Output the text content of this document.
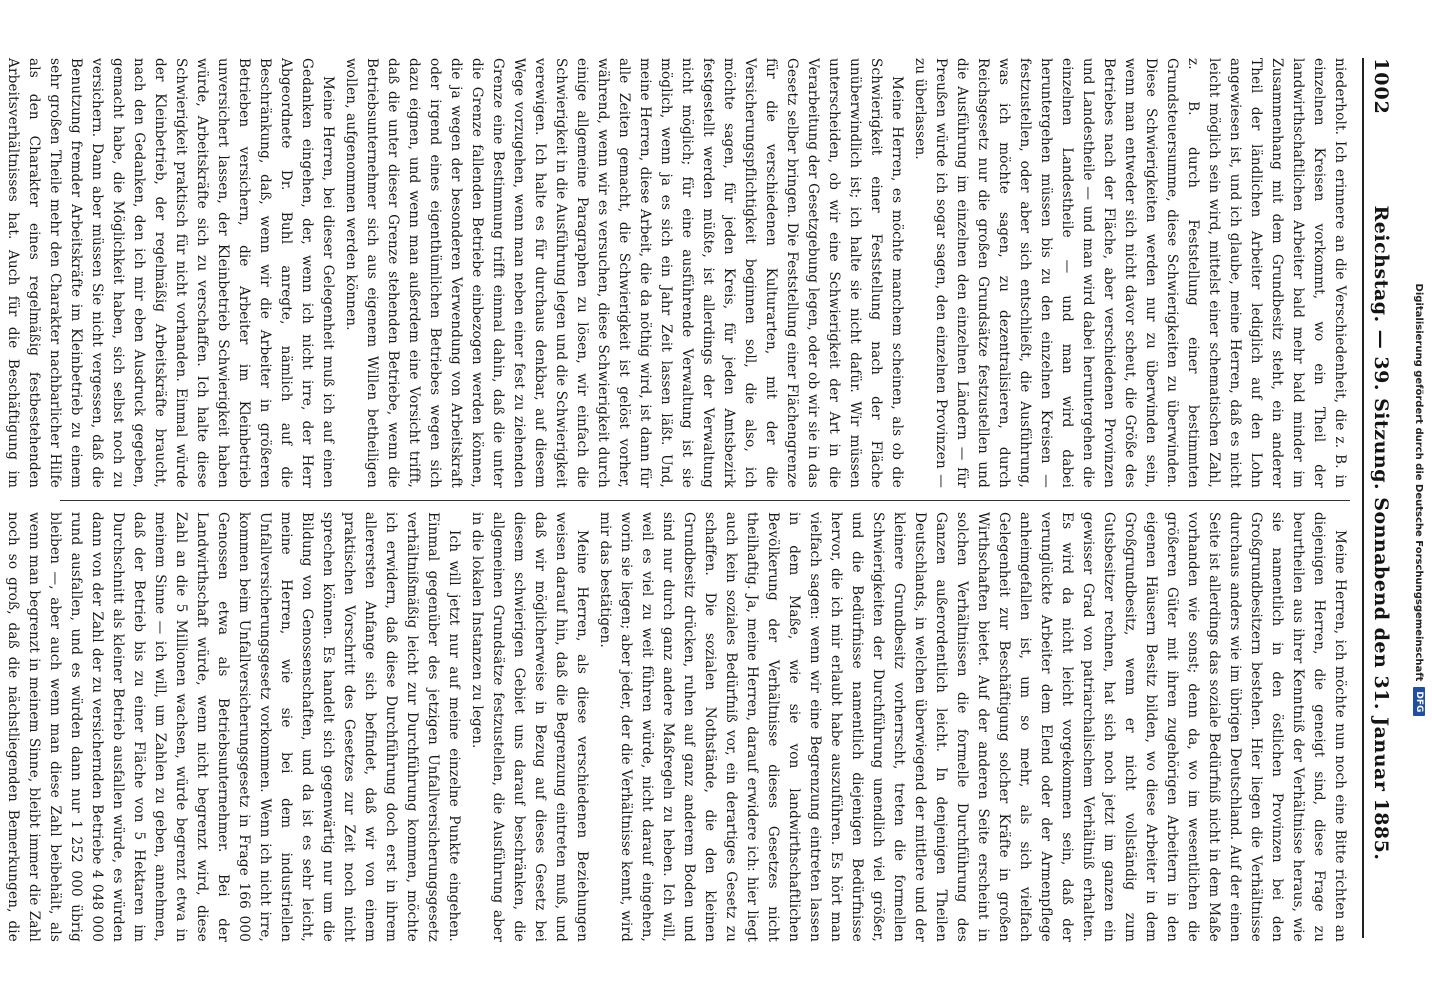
1002
Reichstag. — 39. Sitzung. Sonnabend den 31. Januar 1885.

niederholt. Ich erinnere an die Verschiedenheit, die z. B. in einzelnen Kreisen vorkommt, wo ein Theil der landwirthschaftlichen Arbeiter bald mehr bald minder im Zusammenhang mit dem Grundbesitz steht, ein anderer Theil der ländlichen Arbeiter lediglich auf den Lohn angewiesen ist, und ich glaube, meine Herren, daß es nicht leicht möglich sein wird, mittelst einer schematischen Zahl, z. B. durch Feststellung einer bestimmten Grundsteuersumme, diese Schwierigkeiten zu überwinden. Diese Schwierigkeiten werden nur zu überwinden sein, wenn man entweder sich nicht davor scheut, die Größe des Betriebes nach der Fläche, aber verschiedenen Provinzen und Landestheile — und man wird dabei heruntergehen die einzelnen Landestheile — und man wird dabei heruntergehen müssen bis zu den einzelnen Kreisen — festzustellen, oder aber sich entschließt, die Ausführung, was ich möchte sagen, zu dezentralisieren, durch Reichsgesetz nur die großen Grundsätze festzustellen und die Ausführung im einzelnen den einzelnen Ländern — für Preußen würde ich sogar sagen, den einzelnen Provinzen — zu überlassen.

Meine Herren, es möchte manchem scheinen, als ob die Schwierigkeit einer Feststellung nach der Fläche unüberwindlich ist; ich halte sie nicht dafür. Wir müssen unterscheiden, ob wir eine Schwierigkeit der Art in die Verarbeitung der Gesetzgebung legen, oder ob wir sie in das Gesetz selber bringen. Die Feststellung einer Flächengrenze für die verschiedenen Kulturarten, mit der die Versicherungspflichtigkeit beginnen soll, die also, ich möchte sagen, für jeden Kreis, für jeden Amtsbezirk festgestellt werden müßte, ist allerdings der Verwaltung nicht möglich; für eine ausführende Verwaltung ist sie möglich, wenn ja es sich ein Jahr Zeit lassen läßt. Und, meine Herren, diese Arbeit, die da nöthig wird, ist dann für alle Zeiten gemacht, die Schwierigkeit ist gelöst vorher, während, wenn wir es versuchen, diese Schwierigkeit durch einige allgemeine Paragraphen zu lösen, wir einfach die Schwierigkeit in die Ausführung legen und die Schwierigkeit verewigen. Ich halte es für durchaus denkbar, auf diesem Wege vorzugehen, wenn man neben einer fest zu ziehenden Grenze eine Bestimmung trifft einmal dahin, daß die unter die Grenze fallenden Betriebe einbezogen werden können, die ja wegen der besonderen Verwendung von Arbeitskraft oder irgend eines eigenthümlichen Betriebes wegen sich dazu eignen, und wenn man außerdem eine Vorsicht trifft, daß die unter dieser Grenze stehenden Betriebe, wenn die Betriebsunternehmer sich aus eigenem Willen betheiligen wollen, aufgenommen werden können.

Meine Herren, bei dieser Gelegenheit muß ich auf einen Gedanken eingehen, der, wenn ich nicht irre, der Herr Abgeordnete Dr. Buhl anregte, nämlich auf die Beschränkung, daß, wenn wir die Arbeiter in größeren Betrieben versichern, die Arbeiter im Kleinbetrieb unversichert lassen, der Kleinbetrieb Schwierigkeit haben würde, Arbeitskräfte sich zu verschaffen. Ich halte diese Schwierigkeit praktisch für nicht vorhanden. Einmal würde der Kleinbetrieb, der regelmäßig Arbeitskräfte braucht, nach den Gedanken, den ich mir eben Ausdruck gegeben, gemacht habe, die Möglichkeit haben, sich selbst noch zu versichern. Dann aber müssen Sie nicht vergessen, daß die Benutzung fremder Arbeitskräfte im Kleinbetrieb zu einem sehr großen Theile mehr den Charakter nachbarlicher Hilfe als den Charakter eines regelmäßig festbestehenden Arbeitsverhältnisses hat. Auch für die Beschäftigung im

Meine Herren, ich möchte nun noch eine Bitte richten an diejenigen Herren, die geneigt sind, diese Frage zu beurtheilen aus ihrer Kenntniß der Verhältnisse heraus, wie sie namentlich in den östlichen Provinzen bei den Großgrundbesitzern bestehen. Hier liegen die Verhältnisse durchaus anders wie im übrigen Deutschland. Auf der einen Seite ist allerdings das soziale Bedürfniß nicht in dem Maße vorhanden wie sonst; denn da, wo im wesentlichen die größeren Güter mit ihren zugehörigen Arbeitern in den eigenen Häusern Besitz bilden, wo diese Arbeiter in dem Großgrundbesitz, wenn er nicht vollständig zum Gutsbesitzer rechnen, hat sich noch jetzt im ganzen ein gewisser Grad von patriarchalischem Verhältniß erhalten. Es wird da nicht leicht vorgekommen sein, daß der verunglückte Arbeiter dem Elend oder der Armenpflege anheimgefallen ist, um so mehr, als sich vielfach Gelegenheit zur Beschäftigung solcher Kräfte in großen Wirthschaften bietet. Auf der anderen Seite erscheint in solchen Verhältnissen die formelle Durchführung des Ganzen außerordentlich leicht. In denjenigen Theilen Deutschlands, in welchen überwiegend der mittlere und der kleinere Grundbesitz vorherrscht, treten die formellen Schwierigkeiten der Durchführung unendlich viel größer, und die Bedürfnisse namentlich diejenigen Bedürfnisse hervor, die ich mir erlaubt habe auszuführen. Es hört man vielfach sagen: wenn wir eine Begrenzung eintreten lassen in dem Maße, wie sie von landwirthschaftlichen Bevölkerung der Verhältnisse dieses Gesetzes nicht theilhaftig. Ja, meine Herren, darauf erwidere ich: hier liegt auch kein soziales Bedürfniß vor, ein derartiges Gesetz zu schaffen. Die sozialen Nothstände, die den kleinen Grundbesitz drücken, ruhen auf ganz anderem Boden und sind nur durch ganz andere Maßregeln zu heben. Ich will, weil es viel zu weit führen würde, nicht darauf eingehen, worin sie liegen; aber jeder, der die Verhältnisse kennt, wird mir das bestätigen.

Meine Herren, als diese verschiedenen Beziehungen weisen darauf hin, daß die Begrenzung eintreten muß, und daß wir möglicherweise in Bezug auf dieses Gesetz bei diesem schwierigen Gebiet uns darauf beschränken, die allgemeinen Grundsätze festzustellen, die Ausführung aber in die lokalen Instanzen zu legen.

Ich will jetzt nur auf meine einzelne Punkte eingehen. Einmal gegenüber des jetzigen Unfallversicherungsgesetz verhältnißmäßig leicht zur Durchführung kommen, möchte ich erwidern, daß diese Durchführung doch erst in ihrem allerersten Anfange sich befindet, daß wir von einem praktischen Vorschritt des Gesetzes zur Zeit noch nicht sprechen können. Es handelt sich gegenwärtig nur um die Bildung von Genossenschaften, und da ist es sehr leicht, meine Herren, wie sie bei dem industriellen Unfallversicherungsgesetz vorkommen. Wenn ich nicht irre, kommen beim Unfallversicherungsgesetz in Frage 166 000 Genossen etwa als Betriebsunternehmer. Bei der Landwirthschaft würde, wenn nicht begrenzt wird, diese Zahl an die 5 Millionen wachsen, würde begrenzt etwa in meinem Sinne — ich will, um Zahlen zu geben, annehmen, daß der Betrieb bis zu einer Fläche von 5 Hektaren im Durchschnitt als kleiner Betrieb ausfallen würde, es würden dann von der Zahl der zu versichernden Betriebe 4 048 000 rund ausfallen, und es würden dann nur 1 252 000 übrig bleiben —, aber auch wenn man diese Zahl beibehält, als wenn man begrenzt in meinem Sinne, bleibt immer die Zahl noch so groß, daß die nächstliegenden Bemerkungen, die

Digitalisierung gefördert durch die Deutsche Forschungsgemeinschaft
DFG
